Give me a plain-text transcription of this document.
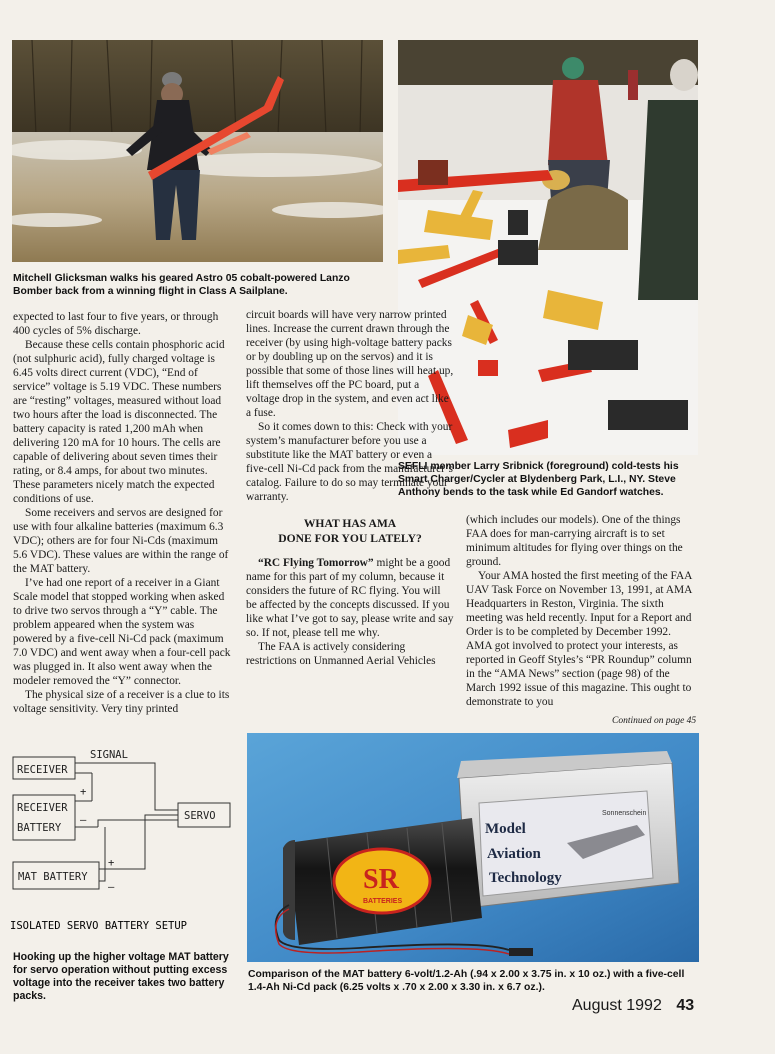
Mitchell Glicksman walks his geared Astro 05 cobalt-powered Lanzo Bomber back from a winning flight in Class A Sailplane.
SEFLI member Larry Sribnick (foreground) cold-tests his Smart Charger/Cycler at Blydenberg Park, L.I., NY. Steve Anthony bends to the task while Ed Gandorf watches.

expected to last four to five years, or through 400 cycles of 5% discharge.

Because these cells contain phosphoric acid (not sulphuric acid), fully charged voltage is 6.45 volts direct current (VDC), “End of service” voltage is 5.19 VDC. These numbers are “resting” voltages, measured without load two hours after the load is disconnected. The battery capacity is rated 1,200 mAh when delivering 120 mA for 10 hours. The cells are capable of delivering about seven times their rating, or 8.4 amps, for about two minutes. These parameters nicely match the expected conditions of use.

Some receivers and servos are designed for use with four alkaline batteries (maximum 6.3 VDC); others are for four Ni-Cds (maximum 5.6 VDC). These values are within the range of the MAT battery.

I’ve had one report of a receiver in a Giant Scale model that stopped working when asked to drive two servos through a “Y” cable. The problem appeared when the system was powered by a five-cell Ni-Cd pack (maximum 7.0 VDC) and went away when a four-cell pack was plugged in. It also went away when the modeler removed the “Y” connector.

The physical size of a receiver is a clue to its voltage sensitivity. Very tiny printed

circuit boards will have very narrow printed lines. Increase the current drawn through the receiver (by using high-voltage battery packs or by doubling up on the servos) and it is possible that some of those lines will heat up, lift themselves off the PC board, put a voltage drop in the system, and even act like a fuse.

So it comes down to this: Check with your system’s manufacturer before you use a substitute like the MAT battery or even a five-cell Ni-Cd pack from the manufacturer’s catalog. Failure to do so may terminate your warranty.

WHAT HAS AMA
DONE FOR YOU LATELY?

“RC Flying Tomorrow” might be a good name for this part of my column, because it considers the future of RC flying. You will be affected by the concepts discussed. If you like what I’ve got to say, please write and say so. If not, please tell me why.

The FAA is actively considering restrictions on Unmanned Aerial Vehicles

(which includes our models). One of the things FAA does for man-carrying aircraft is to set minimum altitudes for flying over things on the ground.

Your AMA hosted the first meeting of the FAA UAV Task Force on November 13, 1991, at AMA Headquarters in Reston, Virginia. The sixth meeting was held recently. Input for a Report and Order is to be completed by December 1992. AMA got involved to protect your interests, as reported in Geoff Styles’s “PR Roundup” column in the “AMA News” section (page 98) of the March 1992 issue of this magazine. This ought to demonstrate to you

Continued on page 45
SIGNAL
RECEIVER
RECEIVER
BATTERY
SERVO
MAT BATTERY
+
–
+
–
ISOLATED SERVO BATTERY SETUP
Hooking up the higher voltage MAT battery for servo operation without putting excess voltage into the receiver takes two battery packs.
Model
Aviation
Technology
Sonnenschein
SR
BATTERIES
Comparison of the MAT battery 6-volt/1.2-Ah (.94 x 2.00 x 3.75 in. x 10 oz.) with a five-cell 1.4-Ah Ni-Cd pack (6.25 volts x .70 x 2.00 x 3.30 in. x 6.7 oz.).
August 1992 43
